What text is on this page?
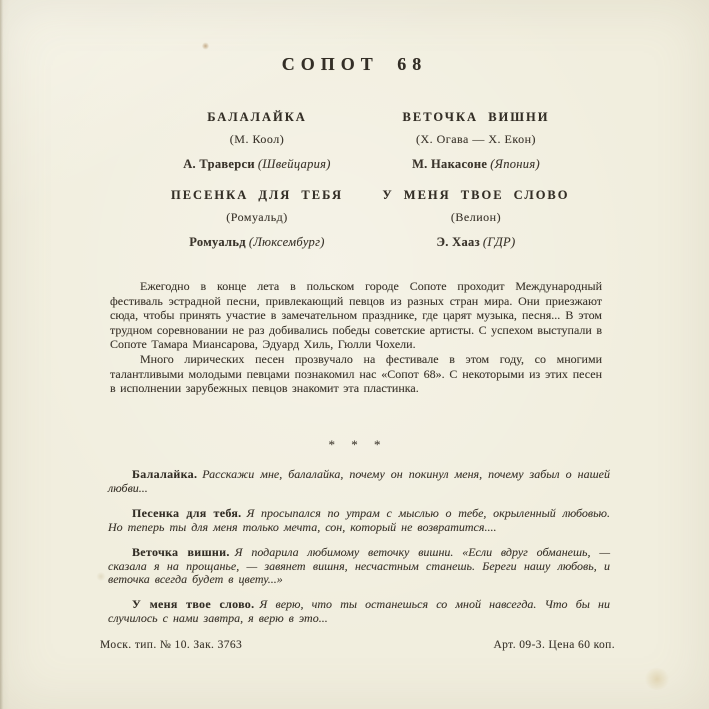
СОПОТ 68
БАЛАЛАЙКА
(М. Коол)
А. Траверси (Швейцария)
ПЕСЕНКА ДЛЯ ТЕБЯ
(Ромуальд)
Ромуальд (Люксембург)
ВЕТОЧКА ВИШНИ
(Х. Огава — Х. Екон)
М. Накасоне (Япония)
У МЕНЯ ТВОЕ СЛОВО
(Велион)
Э. Хааз (ГДР)

Ежегодно в конце лета в польском городе Сопоте проходит Международный фестиваль эстрадной песни, привлекающий певцов из разных стран мира. Они приезжают сюда, чтобы принять участие в замечательном празднике, где царят музыка, песня... В этом трудном соревновании не раз добивались победы советские артисты. С успехом выступали в Сопоте Тамара Миансарова, Эдуард Хиль, Гюлли Чохели.

Много лирических песен прозвучало на фестивале в этом году, со многими талантливыми молодыми певцами познакомил нас «Сопот 68». С некоторыми из этих песен в исполнении зарубежных певцов знакомит эта пластинка.

* * *

Балалайка. Расскажи мне, балалайка, почему он покинул меня, почему забыл о нашей любви...

Песенка для тебя. Я просыпался по утрам с мыслью о тебе, окрыленный любовью. Но теперь ты для меня только мечта, сон, который не возвратится....

Веточка вишни. Я подарила любимому веточку вишни. «Если вдруг обманешь, — сказала я на прощанье, — завянет вишня, несчастным станешь. Береги нашу любовь, и веточка всегда будет в цвету...»

У меня твое слово. Я верю, что ты останешься со мной навсегда. Что бы ни случилось с нами завтра, я верю в это...

Моск. тип. № 10. Зак. 3763	Арт. 09-3. Цена 60 коп.
